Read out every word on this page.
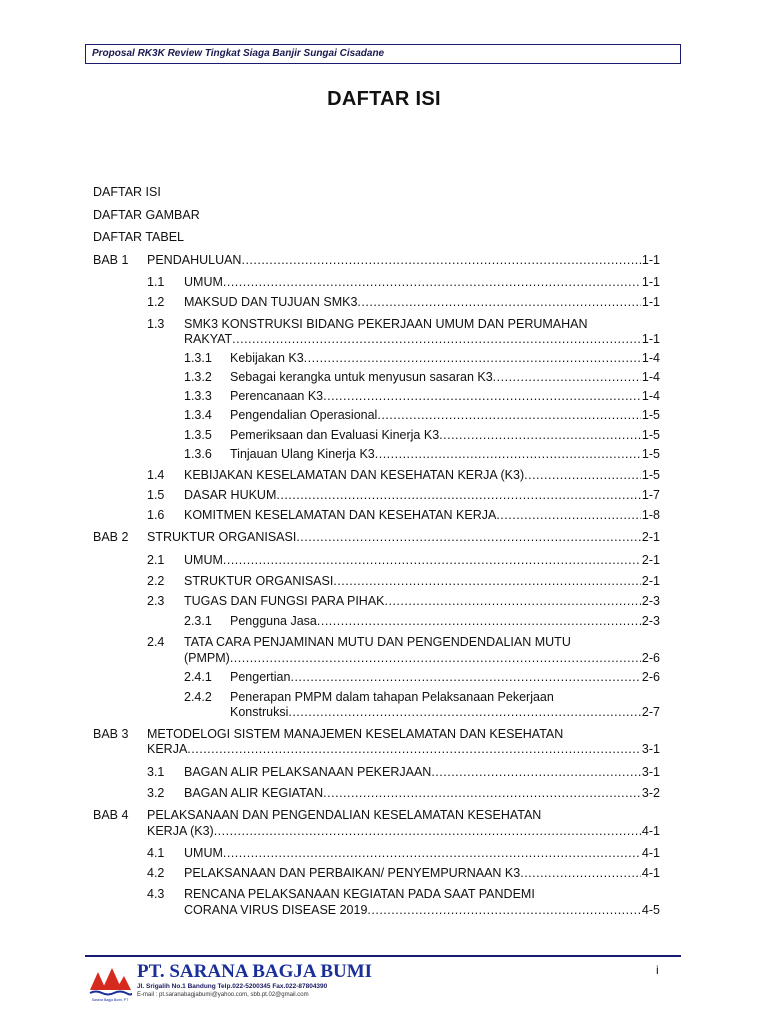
Proposal RK3K Review Tingkat Siaga Banjir Sungai Cisadane
DAFTAR ISI
DAFTAR ISI
DAFTAR GAMBAR
DAFTAR TABEL
BAB 1 PENDAHULUAN .....	1-1
1.1 UMUM .....	1-1
1.2 MAKSUD DAN TUJUAN SMK3 .....	1-1
1.3 SMK3 KONSTRUKSI BIDANG PEKERJAAN UMUM DAN PERUMAHAN
RAKYAT .....	1-1
1.3.1 Kebijakan K3 .....	1-4
1.3.2 Sebagai kerangka untuk menyusun sasaran K3 .....	1-4
1.3.3 Perencanaan K3 .....	1-4
1.3.4 Pengendalian Operasional .....	1-5
1.3.5 Pemeriksaan dan Evaluasi Kinerja K3 .....	1-5
1.3.6 Tinjauan Ulang Kinerja K3 .....	1-5
1.4 KEBIJAKAN KESELAMATAN DAN KESEHATAN KERJA (K3) .....	1-5
1.5 DASAR HUKUM .....	1-7
1.6 KOMITMEN KESELAMATAN DAN KESEHATAN KERJA .....	1-8
BAB 2 STRUKTUR ORGANISASI .....	2-1
2.1 UMUM .....	2-1
2.2 STRUKTUR ORGANISASI .....	2-1
2.3 TUGAS DAN FUNGSI PARA PIHAK .....	2-3
2.3.1 Pengguna Jasa .....	2-3
2.4 TATA CARA PENJAMINAN MUTU DAN PENGENDENDALIAN MUTU
(PMPM) .....	2-6
2.4.1 Pengertian .....	2-6
2.4.2 Penerapan PMPM dalam tahapan Pelaksanaan Pekerjaan
Konstruksi .....	2-7
BAB 3 METODELOGI SISTEM MANAJEMEN KESELAMATAN DAN KESEHATAN
KERJA .....	3-1
3.1 BAGAN ALIR PELAKSANAAN PEKERJAAN .....	3-1
3.2 BAGAN ALIR KEGIATAN .....	3-2
BAB 4 PELAKSANAAN DAN PENGENDALIAN KESELAMATAN KESEHATAN
KERJA (K3) .....	4-1
4.1 UMUM .....	4-1
4.2 PELAKSANAAN DAN PERBAIKAN/ PENYEMPURNAAN K3 .....	4-1
4.3 RENCANA PELAKSANAAN KEGIATAN PADA SAAT PANDEMI
CORANA VIRUS DISEASE 2019 .....	4-5
i
Sarana Bagja Bumi, PT
PT. SARANA BAGJA BUMI
Jl. Srigalih No.1 Bandung Telp.022-5200345 Fax.022-87804390
E-mail : pt.saranabagjabumi@yahoo.com, sbb.pt.02@gmail.com
